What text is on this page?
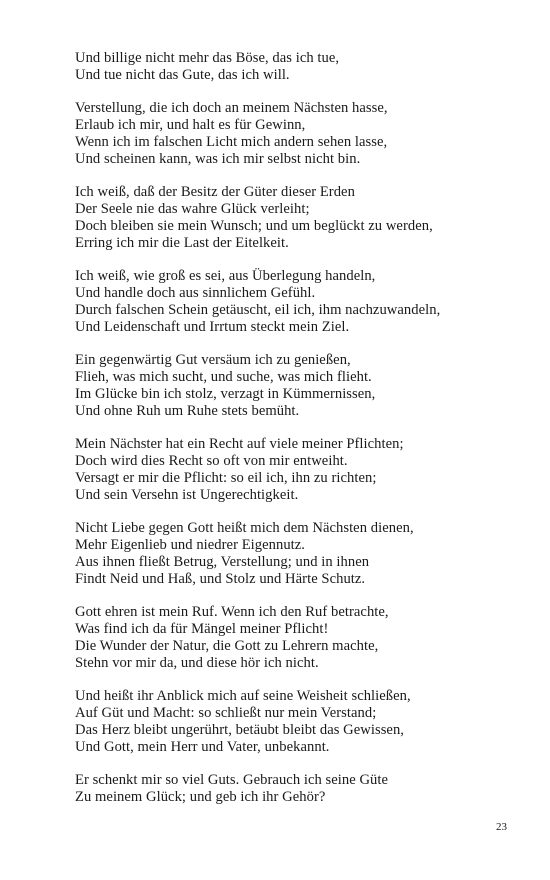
Und billige nicht mehr das Böse, das ich tue,
Und tue nicht das Gute, das ich will.
Verstellung, die ich doch an meinem Nächsten hasse,
Erlaub ich mir, und halt es für Gewinn,
Wenn ich im falschen Licht mich andern sehen lasse,
Und scheinen kann, was ich mir selbst nicht bin.
Ich weiß, daß der Besitz der Güter dieser Erden
Der Seele nie das wahre Glück verleiht;
Doch bleiben sie mein Wunsch; und um beglückt zu werden,
Erring ich mir die Last der Eitelkeit.
Ich weiß, wie groß es sei, aus Überlegung handeln,
Und handle doch aus sinnlichem Gefühl.
Durch falschen Schein getäuscht, eil ich, ihm nachzuwandeln,
Und Leidenschaft und Irrtum steckt mein Ziel.
Ein gegenwärtig Gut versäum ich zu genießen,
Flieh, was mich sucht, und suche, was mich flieht.
Im Glücke bin ich stolz, verzagt in Kümmernissen,
Und ohne Ruh um Ruhe stets bemüht.
Mein Nächster hat ein Recht auf viele meiner Pflichten;
Doch wird dies Recht so oft von mir entweiht.
Versagt er mir die Pflicht: so eil ich, ihn zu richten;
Und sein Versehn ist Ungerechtigkeit.
Nicht Liebe gegen Gott heißt mich dem Nächsten dienen,
Mehr Eigenlieb und niedrer Eigennutz.
Aus ihnen fließt Betrug, Verstellung; und in ihnen
Findt Neid und Haß, und Stolz und Härte Schutz.
Gott ehren ist mein Ruf. Wenn ich den Ruf betrachte,
Was find ich da für Mängel meiner Pflicht!
Die Wunder der Natur, die Gott zu Lehrern machte,
Stehn vor mir da, und diese hör ich nicht.
Und heißt ihr Anblick mich auf seine Weisheit schließen,
Auf Güt und Macht: so schließt nur mein Verstand;
Das Herz bleibt ungerührt, betäubt bleibt das Gewissen,
Und Gott, mein Herr und Vater, unbekannt.
Er schenkt mir so viel Guts. Gebrauch ich seine Güte
Zu meinem Glück; und geb ich ihr Gehör?
23
